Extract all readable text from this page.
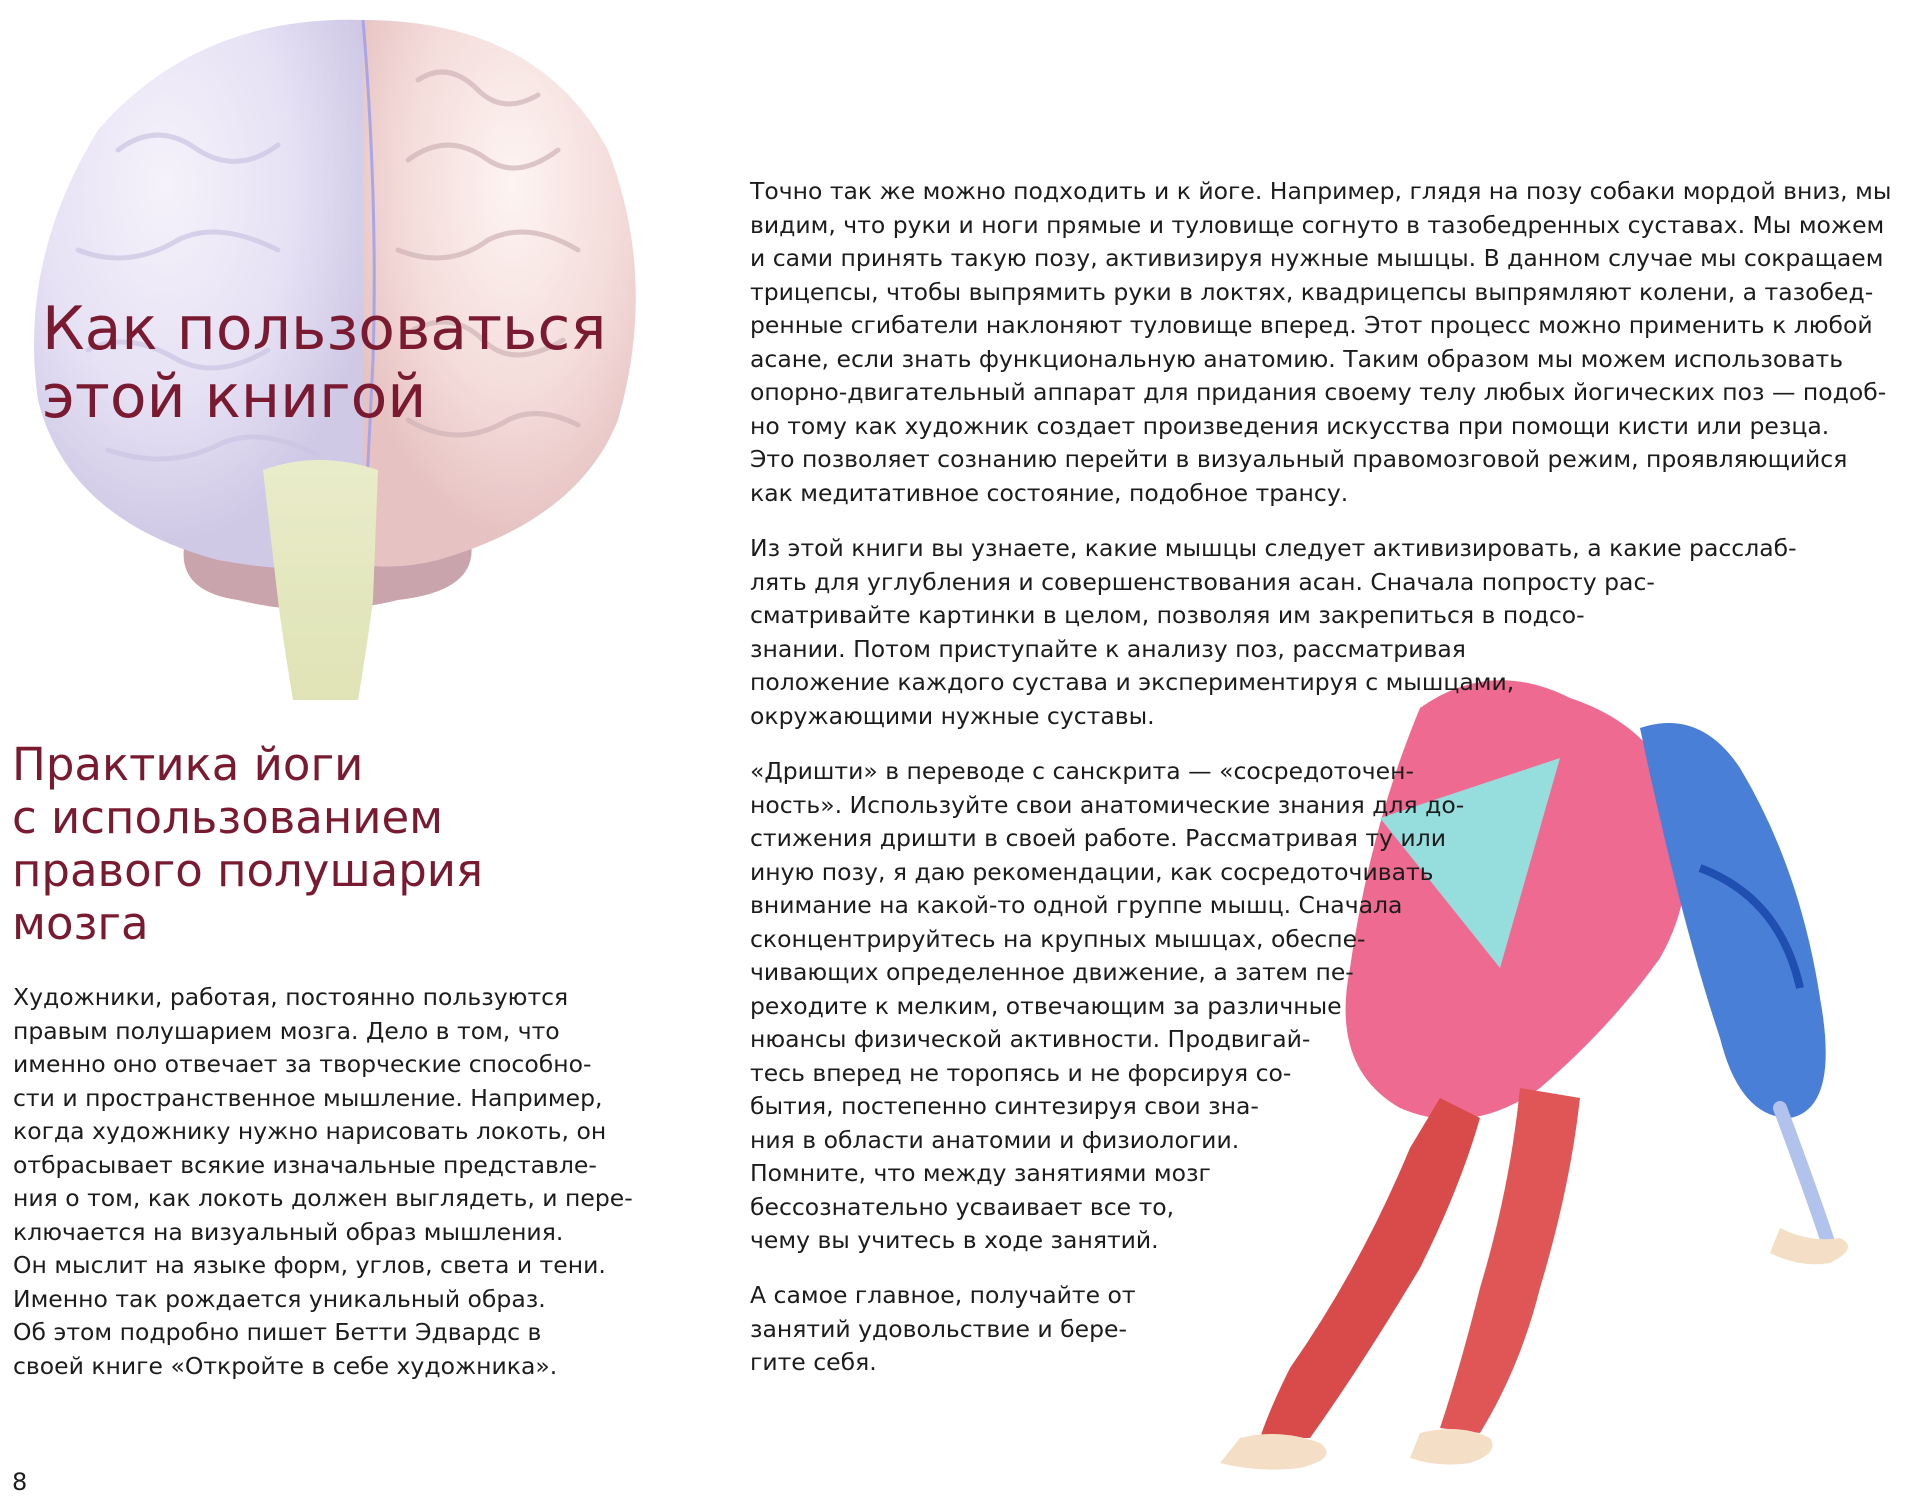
Как пользоваться
этой книгой
Практика йоги
с использованием
правого полушария
мозга
Художники, работая, постоянно пользуются
правым полушарием мозга. Дело в том, что
именно оно отвечает за творческие способно-
сти и пространственное мышление. Например,
когда художнику нужно нарисовать локоть, он
отбрасывает всякие изначальные представле-
ния о том, как локоть должен выглядеть, и пере-
ключается на визуальный образ мышления.
Он мыслит на языке форм, углов, света и тени.
Именно так рождается уникальный образ.
Об этом подробно пишет Бетти Эдвардс в
своей книге «Откройте в себе художника».
Точно так же можно подходить и к йоге. Например, глядя на позу собаки мордой вниз, мы
видим, что руки и ноги прямые и туловище согнуто в тазобедренных суставах. Мы можем
и сами принять такую позу, активизируя нужные мышцы. В данном случае мы сокращаем
трицепсы, чтобы выпрямить руки в локтях, квадрицепсы выпрямляют колени, а тазобед-
ренные сгибатели наклоняют туловище вперед. Этот процесс можно применить к любой
асане, если знать функциональную анатомию. Таким образом мы можем использовать
опорно-двигательный аппарат для придания своему телу любых йогических поз — подоб-
но тому как художник создает произведения искусства при помощи кисти или резца.
Это позволяет сознанию перейти в визуальный правомозговой режим, проявляющийся
как медитативное состояние, подобное трансу.
Из этой книги вы узнаете, какие мышцы следует активизировать, а какие расслаб-
лять для углубления и совершенствования асан. Сначала попросту рас-
сматривайте картинки в целом, позволяя им закрепиться в подсо-
знании. Потом приступайте к анализу поз, рассматривая
положение каждого сустава и экспериментируя с мышцами,
окружающими нужные суставы.
«Дришти» в переводе с санскрита — «сосредоточен-
ность». Используйте свои анатомические знания для до-
стижения дришти в своей работе. Рассматривая ту или
иную позу, я даю рекомендации, как сосредоточивать
внимание на какой-то одной группе мышц. Сначала
сконцентрируйтесь на крупных мышцах, обеспе-
чивающих определенное движение, а затем пе-
реходите к мелким, отвечающим за различные
нюансы физической активности. Продвигай-
тесь вперед не торопясь и не форсируя со-
бытия, постепенно синтезируя свои зна-
ния в области анатомии и физиологии.
Помните, что между занятиями мозг
бессознательно усваивает все то,
чему вы учитесь в ходе занятий.
А самое главное, получайте от
занятий удовольствие и бере-
гите себя.
8
